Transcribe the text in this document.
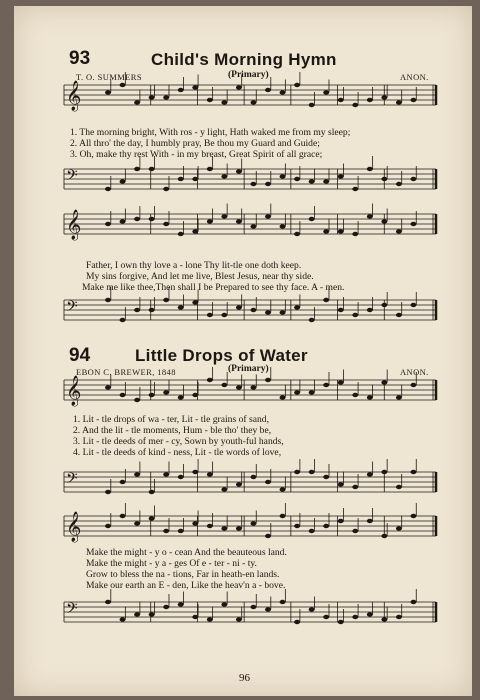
93	Child's Morning Hymn
T. O. SUMMERS	(Primary)	ANON.
𝄞
𝄢
𝄞
𝄢
𝄞
𝄢
𝄞
𝄢
1. The morning bright, With ros - y light, Hath waked me from my sleep;
2. All thro' the day, I humbly pray, Be thou my Guard and Guide;
3. Oh, make thy rest With - in my breast, Great Spirit of all grace;
Father, I own thy love a - lone Thy lit-tle one doth keep.
My sins forgive, And let me live, Blest Jesus, near thy side.
Make me like thee,Then shall I be Prepared to see thy face. A - men.
94	Little Drops of Water
EBON C. BREWER, 1848	(Primary)	ANON.
1. Lit - tle drops of wa - ter, Lit - tle grains of sand,
2. And the lit - tle moments, Hum - ble tho' they be,
3. Lit - tle deeds of mer - cy, Sown by youth-ful hands,
4. Lit - tle deeds of kind - ness, Lit - tle words of love,
Make the might - y o - cean And the beauteous land.
Make the might - y a - ges Of e - ter - ni - ty.
Grow to bless the na - tions, Far in heath-en lands.
Make our earth an E - den, Like the heav'n a - bove.
96
